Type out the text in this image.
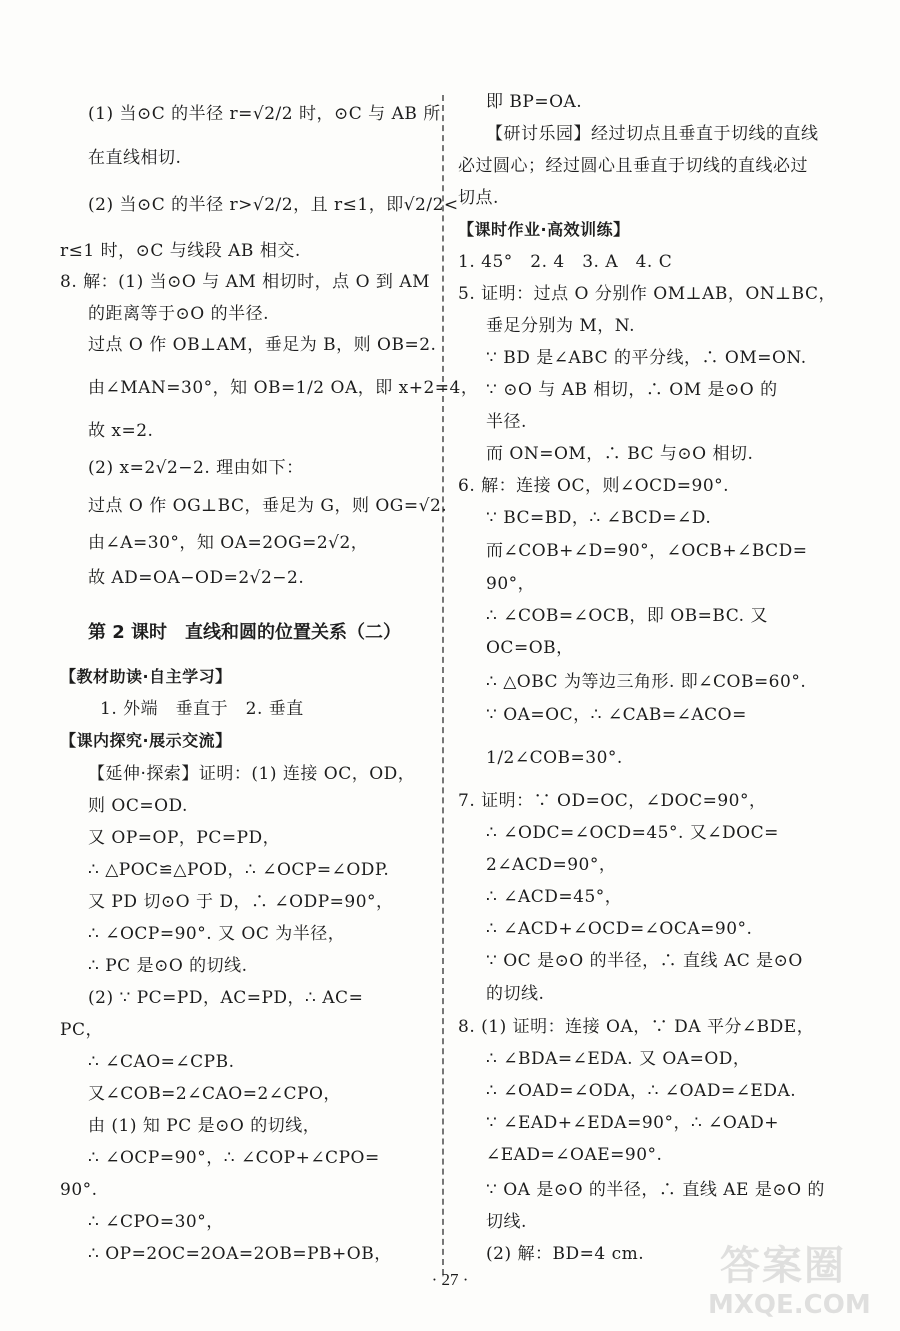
(1) 当⊙C 的半径 r=√2/2 时，⊙C 与 AB 所
在直线相切.
(2) 当⊙C 的半径 r>√2/2，且 r≤1，即√2/2<
r≤1 时，⊙C 与线段 AB 相交.
8. 解：(1) 当⊙O 与 AM 相切时，点 O 到 AM
的距离等于⊙O 的半径.
过点 O 作 OB⊥AM，垂足为 B，则 OB=2.
由∠MAN=30°，知 OB=1/2 OA，即 x+2=4，
故 x=2.
(2) x=2√2−2. 理由如下：
过点 O 作 OG⊥BC，垂足为 G，则 OG=√2.
由∠A=30°，知 OA=2OG=2√2，
故 AD=OA−OD=2√2−2.
第 2 课时　直线和圆的位置关系（二）
【教材助读·自主学习】
1. 外端　垂直于　2. 垂直
【课内探究·展示交流】
【延伸·探索】证明：(1) 连接 OC，OD，
则 OC=OD.
又 OP=OP，PC=PD，
∴ △POC≌△POD，∴ ∠OCP=∠ODP.
又 PD 切⊙O 于 D，∴ ∠ODP=90°，
∴ ∠OCP=90°. 又 OC 为半径，
∴ PC 是⊙O 的切线.
(2) ∵ PC=PD，AC=PD，∴ AC=
PC，
∴ ∠CAO=∠CPB.
又∠COB=2∠CAO=2∠CPO，
由 (1) 知 PC 是⊙O 的切线，
∴ ∠OCP=90°，∴ ∠COP+∠CPO=
90°.
∴ ∠CPO=30°，
∴ OP=2OC=2OA=2OB=PB+OB，
即 BP=OA.
【研讨乐园】经过切点且垂直于切线的直线
必过圆心；经过圆心且垂直于切线的直线必过
切点.
【课时作业·高效训练】
1. 45°　2. 4　3. A　4. C
5. 证明：过点 O 分别作 OM⊥AB，ON⊥BC，
垂足分别为 M，N.
∵ BD 是∠ABC 的平分线，∴ OM=ON.
∵ ⊙O 与 AB 相切，∴ OM 是⊙O 的
半径.
而 ON=OM，∴ BC 与⊙O 相切.
6. 解：连接 OC，则∠OCD=90°.
∵ BC=BD，∴ ∠BCD=∠D.
而∠COB+∠D=90°，∠OCB+∠BCD=
90°，
∴ ∠COB=∠OCB，即 OB=BC. 又
OC=OB，
∴ △OBC 为等边三角形. 即∠COB=60°.
∵ OA=OC，∴ ∠CAB=∠ACO=
1/2∠COB=30°.
7. 证明：∵ OD=OC，∠DOC=90°，
∴ ∠ODC=∠OCD=45°. 又∠DOC=
2∠ACD=90°，
∴ ∠ACD=45°，
∴ ∠ACD+∠OCD=∠OCA=90°.
∵ OC 是⊙O 的半径，∴ 直线 AC 是⊙O
的切线.
8. (1) 证明：连接 OA，∵ DA 平分∠BDE，
∴ ∠BDA=∠EDA. 又 OA=OD，
∴ ∠OAD=∠ODA，∴ ∠OAD=∠EDA.
∵ ∠EAD+∠EDA=90°，∴ ∠OAD+
∠EAD=∠OAE=90°.
∵ OA 是⊙O 的半径，∴ 直线 AE 是⊙O 的
切线.
(2) 解：BD=4 cm.
· 27 ·	答案圈
MXQE.COM
